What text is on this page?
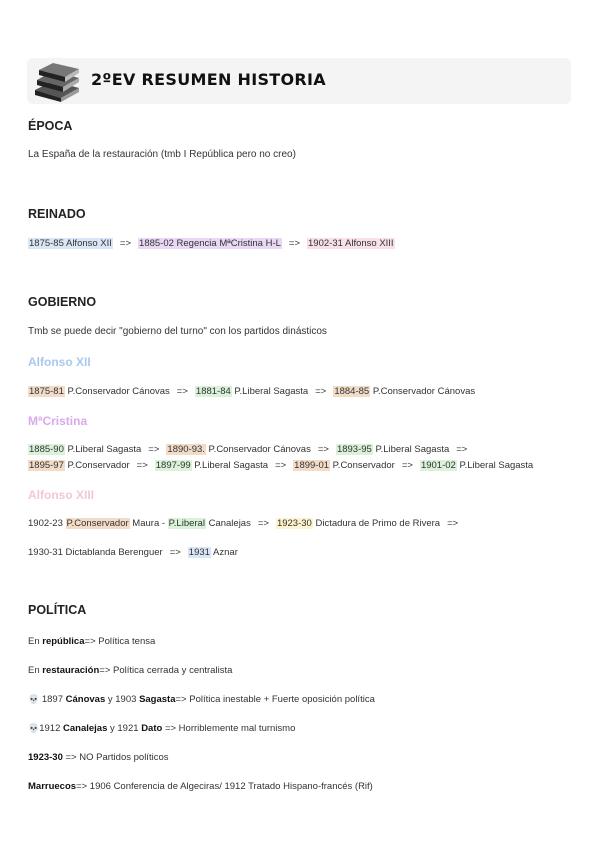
2ºEV RESUMEN HISTORIA
ÉPOCA
La España de la restauración (tmb I República pero no creo)
REINADO
1875-85 Alfonso XII => 1885-02 Regencia MªCristina H-L => 1902-31 Alfonso XIII
GOBIERNO
Tmb se puede decir "gobierno del turno" con los partidos dinásticos
Alfonso XII
1875-81 P.Conservador Cánovas => 1881-84 P.Liberal Sagasta => 1884-85 P.Conservador Cánovas
MªCristina
1885-90 P.Liberal Sagasta => 1890-93. P.Conservador Cánovas => 1893-95 P.Liberal Sagasta =>
1895-97 P.Conservador => 1897-99 P.Liberal Sagasta => 1899-01 P.Conservador => 1901-02 P.Liberal Sagasta
Alfonso XIII
1902-23 P.Conservador Maura - P.Liberal Canalejas => 1923-30 Dictadura de Primo de Rivera =>
1930-31 Dictablanda Berenguer => 1931 Aznar
POLÍTICA
En república=> Política tensa
En restauración=> Política cerrada y centralista
💀 1897 Cánovas y 1903 Sagasta=> Política inestable + Fuerte oposición política
💀1912 Canalejas y 1921 Dato => Horriblemente mal turnismo
1923-30 => NO Partidos políticos
Marruecos=> 1906 Conferencia de Algeciras/ 1912 Tratado Hispano-francés (Rif)
